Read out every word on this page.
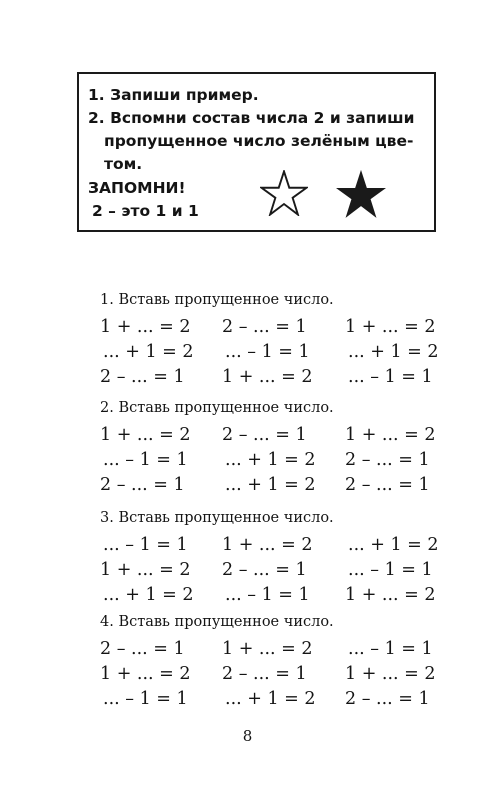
1. Запиши пример.
2. Вспомни состав числа 2 и запиши
пропущенное число зелёным цве-
том.
ЗАПОМНИ!
2 – это 1 и 1
1. Вставь пропущенное число.
1 + ... = 2 2 – ... = 1 1 + ... = 2
... + 1 = 2 ... – 1 = 1 ... + 1 = 2
2 – ... = 1 1 + ... = 2 ... – 1 = 1
2. Вставь пропущенное число.
1 + ... = 2 2 – ... = 1 1 + ... = 2
... – 1 = 1 ... + 1 = 2 2 – ... = 1
2 – ... = 1 ... + 1 = 2 2 – ... = 1
3. Вставь пропущенное число.
... – 1 = 1 1 + ... = 2 ... + 1 = 2
1 + ... = 2 2 – ... = 1 ... – 1 = 1
... + 1 = 2 ... – 1 = 1 1 + ... = 2
4. Вставь пропущенное число.
2 – ... = 1 1 + ... = 2 ... – 1 = 1
1 + ... = 2 2 – ... = 1 1 + ... = 2
... – 1 = 1 ... + 1 = 2 2 – ... = 1
8
